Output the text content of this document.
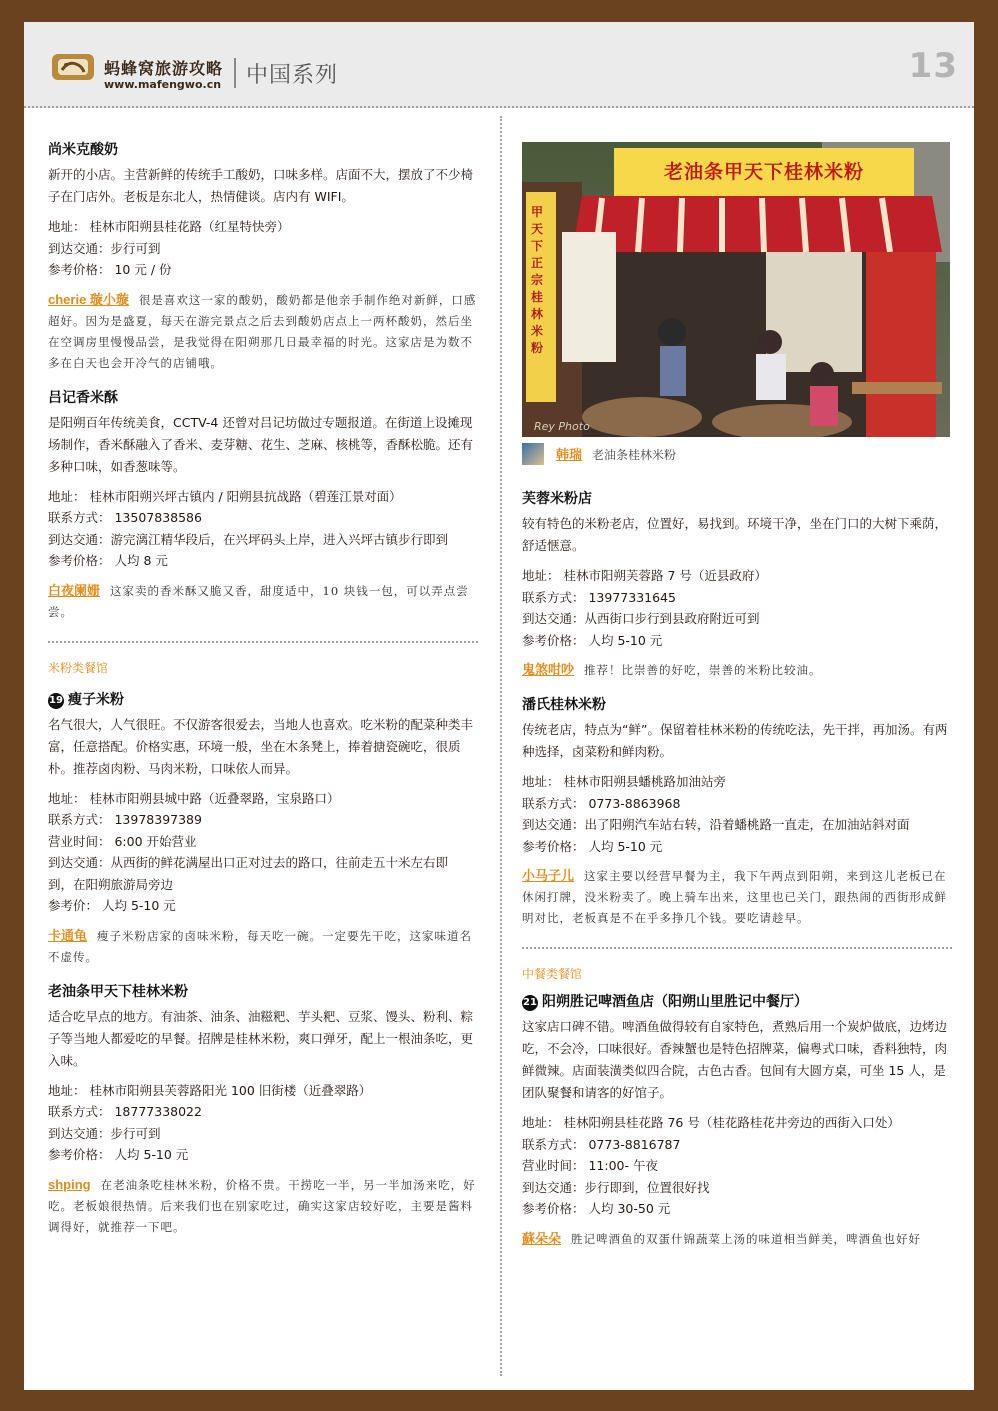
蚂蜂窝旅游攻略
www.mafengwo.cn 中国系列	13
尚米克酸奶
新开的小店。主营新鲜的传统手工酸奶，口味多样。店面不大，摆放了不少椅子在门店外。老板是东北人，热情健谈。店内有 WIFI。
地址： 桂林市阳朔县桂花路（红星特快旁）
到达交通：步行可到
参考价格： 10 元 / 份
cherie 璇小璇 很是喜欢这一家的酸奶，酸奶都是他亲手制作绝对新鲜，口感超好。因为是盛夏，每天在游完景点之后去到酸奶店点上一两杯酸奶，然后坐在空调房里慢慢品尝，是我觉得在阳朔那几日最幸福的时光。这家店是为数不多在白天也会开冷气的店铺哦。
吕记香米酥
是阳朔百年传统美食，CCTV-4 还曾对吕记坊做过专题报道。在街道上设摊现场制作，香米酥融入了香米、麦芽糖、花生、芝麻、核桃等，香酥松脆。还有多种口味，如香葱味等。
地址： 桂林市阳朔兴坪古镇内 / 阳朔县抗战路（碧莲江景对面）
联系方式： 13507838586
到达交通：游完漓江精华段后，在兴坪码头上岸，进入兴坪古镇步行即到
参考价格： 人均 8 元
白夜阑姗 这家卖的香米酥又脆又香，甜度适中，10 块钱一包，可以弄点尝尝。
米粉类餐馆
19 瘦子米粉
名气很大，人气很旺。不仅游客很爱去，当地人也喜欢。吃米粉的配菜种类丰富，任意搭配。价格实惠，环境一般，坐在木条凳上，捧着搪瓷碗吃，很质朴。推荐卤肉粉、马肉米粉，口味依人而异。
地址： 桂林市阳朔县城中路（近叠翠路，宝泉路口）
联系方式： 13978397389
营业时间： 6:00 开始营业
到达交通：从西街的鲜花满屋出口正对过去的路口，往前走五十米左右即
到，在阳朔旅游局旁边
参考价： 人均 5-10 元
卡通龟 瘦子米粉店家的卤味米粉，每天吃一碗。一定要先干吃，这家味道名不虚传。
老油条甲天下桂林米粉
适合吃早点的地方。有油茶、油条、油糍粑、芋头粑、豆浆、馒头、粉利、粽子等当地人都爱吃的早餐。招牌是桂林米粉，爽口弹牙，配上一根油条吃，更入味。
地址： 桂林市阳朔县芙蓉路阳光 100 旧街楼（近叠翠路）
联系方式： 18777338022
到达交通：步行可到
参考价格： 人均 5-10 元
shping 在老油条吃桂林米粉，价格不贵。干捞吃一半，另一半加汤来吃，好吃。老板娘很热情。后来我们也在别家吃过，确实这家店较好吃，主要是酱料调得好，就推荐一下吧。
老油条甲天下桂林米粉
甲天下正宗桂林米粉
Rey Photo
韩瑞 老油条桂林米粉
芙蓉米粉店
较有特色的米粉老店，位置好，易找到。环境干净，坐在门口的大树下乘荫，舒适惬意。
地址： 桂林市阳朔芙蓉路 7 号（近县政府）
联系方式： 13977331645
到达交通：从西街口步行到县政府附近可到
参考价格： 人均 5-10 元
鬼煞咁吵 推荐！比崇善的好吃，崇善的米粉比较油。
潘氏桂林米粉
传统老店，特点为“鲜”。保留着桂林米粉的传统吃法，先干拌，再加汤。有两种选择，卤菜粉和鲜肉粉。
地址： 桂林市阳朔县蟠桃路加油站旁
联系方式： 0773-8863968
到达交通：出了阳朔汽车站右转，沿着蟠桃路一直走，在加油站斜对面
参考价格： 人均 5-10 元
小马子儿 这家主要以经营早餐为主，我下午两点到阳朔，来到这儿老板已在休闲打牌，没米粉卖了。晚上骑车出来，这里也已关门，跟热闹的西街形成鲜明对比，老板真是不在乎多挣几个钱。要吃请趁早。
中餐类餐馆
21 阳朔胜记啤酒鱼店（阳朔山里胜记中餐厅）
这家店口碑不错。啤酒鱼做得较有自家特色，煮熟后用一个炭炉做底，边烤边吃，不会冷，口味很好。香辣蟹也是特色招牌菜，偏粤式口味，香料独特，肉鲜微辣。店面装潢类似四合院，古色古香。包间有大圆方桌，可坐 15 人，是团队聚餐和请客的好馆子。
地址： 桂林阳朔县桂花路 76 号（桂花路桂花井旁边的西街入口处）
联系方式： 0773-8816787
营业时间： 11:00- 午夜
到达交通：步行即到，位置很好找
参考价格： 人均 30-50 元
蘇朵朵 胜记啤酒鱼的双蛋什锦蔬菜上汤的味道相当鲜美，啤酒鱼也好好
